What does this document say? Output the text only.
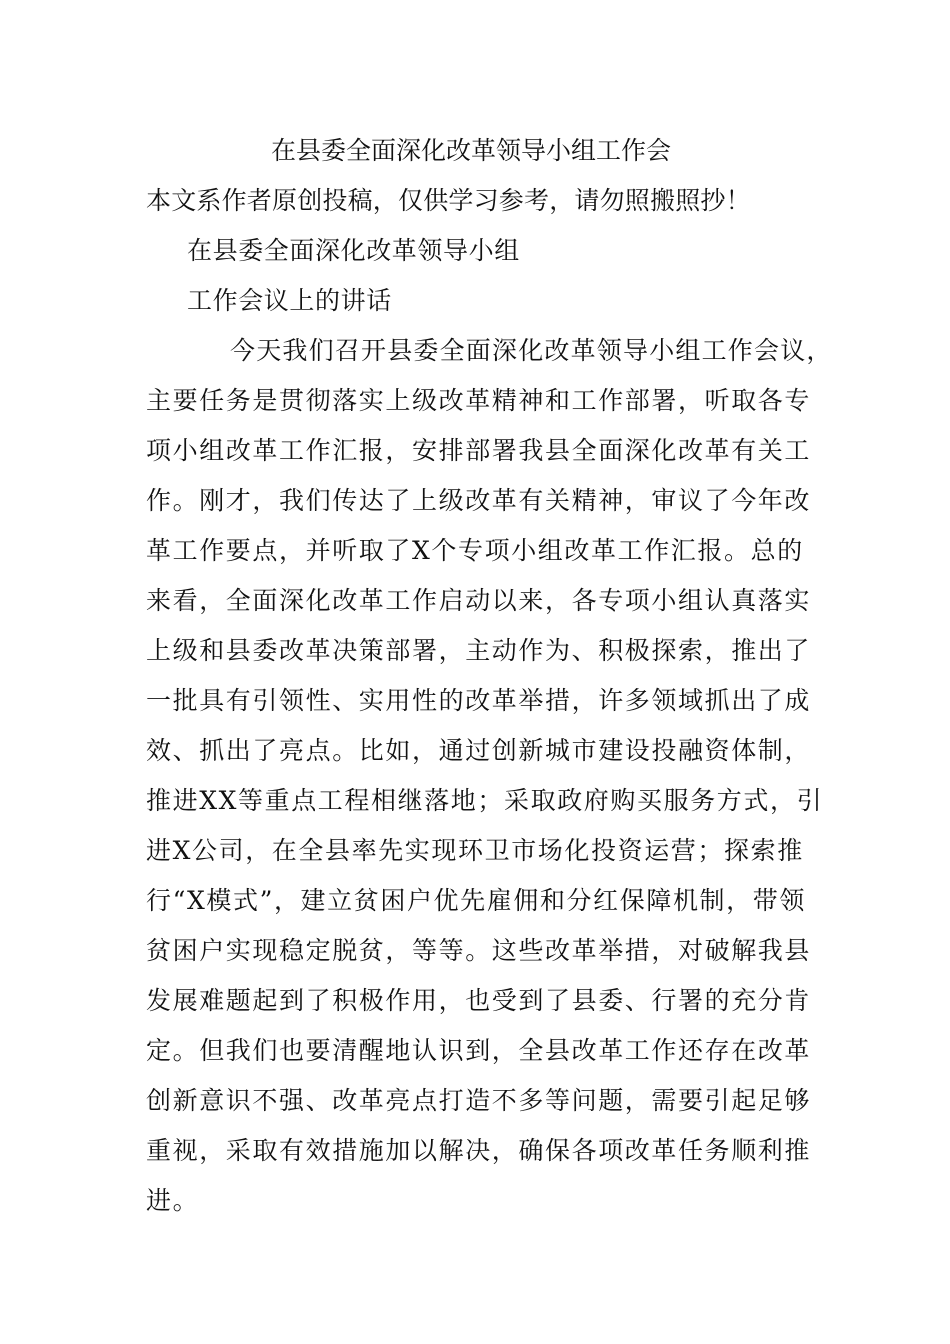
在县委全面深化改革领导小组工作会
本文系作者原创投稿，仅供学习参考，请勿照搬照抄！
在县委全面深化改革领导小组
工作会议上的讲话
今天我们召开县委全面深化改革领导小组工作会议，
主要任务是贯彻落实上级改革精神和工作部署，听取各专
项小组改革工作汇报，安排部署我县全面深化改革有关工
作。刚才，我们传达了上级改革有关精神，审议了今年改
革工作要点，并听取了X个专项小组改革工作汇报。总的
来看，全面深化改革工作启动以来，各专项小组认真落实
上级和县委改革决策部署，主动作为、积极探索，推出了
一批具有引领性、实用性的改革举措，许多领域抓出了成
效、抓出了亮点。比如，通过创新城市建设投融资体制，
推进XX等重点工程相继落地；采取政府购买服务方式，引
进X公司，在全县率先实现环卫市场化投资运营；探索推
行“X模式”，建立贫困户优先雇佣和分红保障机制，带领
贫困户实现稳定脱贫，等等。这些改革举措，对破解我县
发展难题起到了积极作用，也受到了县委、行署的充分肯
定。但我们也要清醒地认识到，全县改革工作还存在改革
创新意识不强、改革亮点打造不多等问题，需要引起足够
重视，采取有效措施加以解决，确保各项改革任务顺利推
进。
